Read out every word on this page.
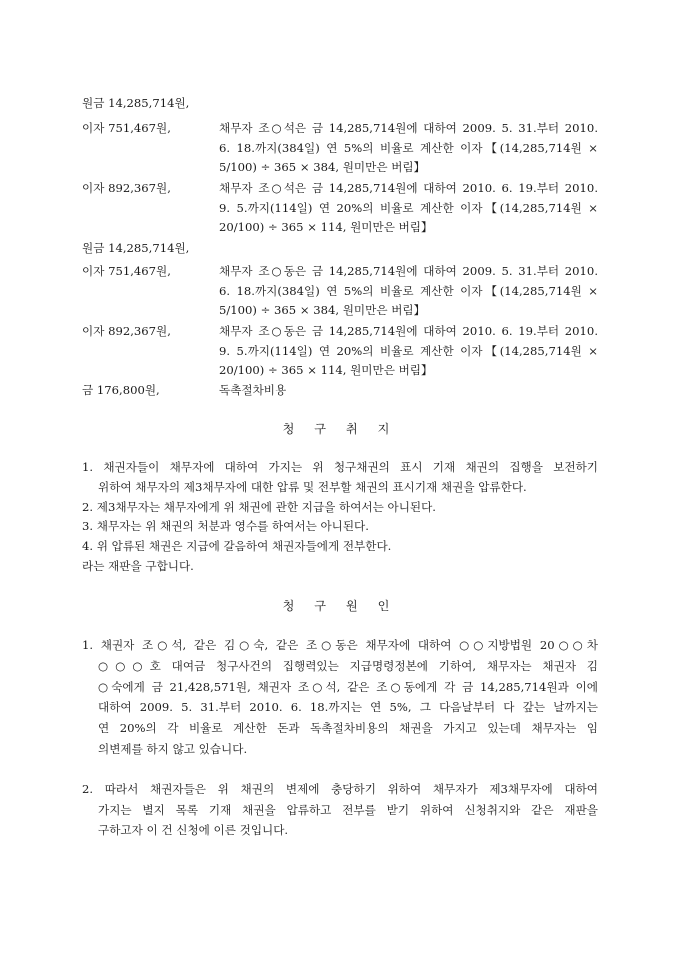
원금 14,285,714원,
이자 751,467원,	채무자 조○석은 금 14,285,714원에 대하여 2009. 5. 31.부터 2010.
6. 18.까지(384일) 연 5%의 비율로 계산한 이자【(14,285,714원 ×
5/100) ÷ 365 × 384, 원미만은 버림】
이자 892,367원,	채무자 조○석은 금 14,285,714원에 대하여 2010. 6. 19.부터 2010.
9. 5.까지(114일) 연 20%의 비율로 계산한 이자【(14,285,714원 ×
20/100) ÷ 365 × 114, 원미만은 버림】
원금 14,285,714원,
이자 751,467원,	채무자 조○동은 금 14,285,714원에 대하여 2009. 5. 31.부터 2010.
6. 18.까지(384일) 연 5%의 비율로 계산한 이자【(14,285,714원 ×
5/100) ÷ 365 × 384, 원미만은 버림】
이자 892,367원,	채무자 조○동은 금 14,285,714원에 대하여 2010. 6. 19.부터 2010.
9. 5.까지(114일) 연 20%의 비율로 계산한 이자【(14,285,714원 ×
20/100) ÷ 365 × 114, 원미만은 버림】
금 176,800원,	독촉절차비용
청 구 취 지
1. 채권자들이 채무자에 대하여 가지는 위 청구채권의 표시 기재 채권의 집행을 보전하기
위하여 채무자의 제3채무자에 대한 압류 및 전부할 채권의 표시기재 채권을 압류한다.
2. 제3채무자는 채무자에게 위 채권에 관한 지급을 하여서는 아니된다.
3. 채무자는 위 채권의 처분과 영수를 하여서는 아니된다.
4. 위 압류된 채권은 지급에 갈음하여 채권자들에게 전부한다.
라는 재판을 구합니다.
청 구 원 인
1. 채권자 조○석, 같은 김○숙, 같은 조○동은 채무자에 대하여 ○○지방법원 20○○차
○○○호 대여금 청구사건의 집행력있는 지급명령정본에 기하여, 채무자는 채권자 김
○숙에게 금 21,428,571원, 채권자 조○석, 같은 조○동에게 각 금 14,285,714원과 이에
대하여 2009. 5. 31.부터 2010. 6. 18.까지는 연 5%, 그 다음날부터 다 갚는 날까지는
연 20%의 각 비율로 계산한 돈과 독촉절차비용의 채권을 가지고 있는데 채무자는 임
의변제를 하지 않고 있습니다.
2. 따라서 채권자들은 위 채권의 변제에 충당하기 위하여 채무자가 제3채무자에 대하여
가지는 별지 목록 기재 채권을 압류하고 전부를 받기 위하여 신청취지와 같은 재판을
구하고자 이 건 신청에 이른 것입니다.
